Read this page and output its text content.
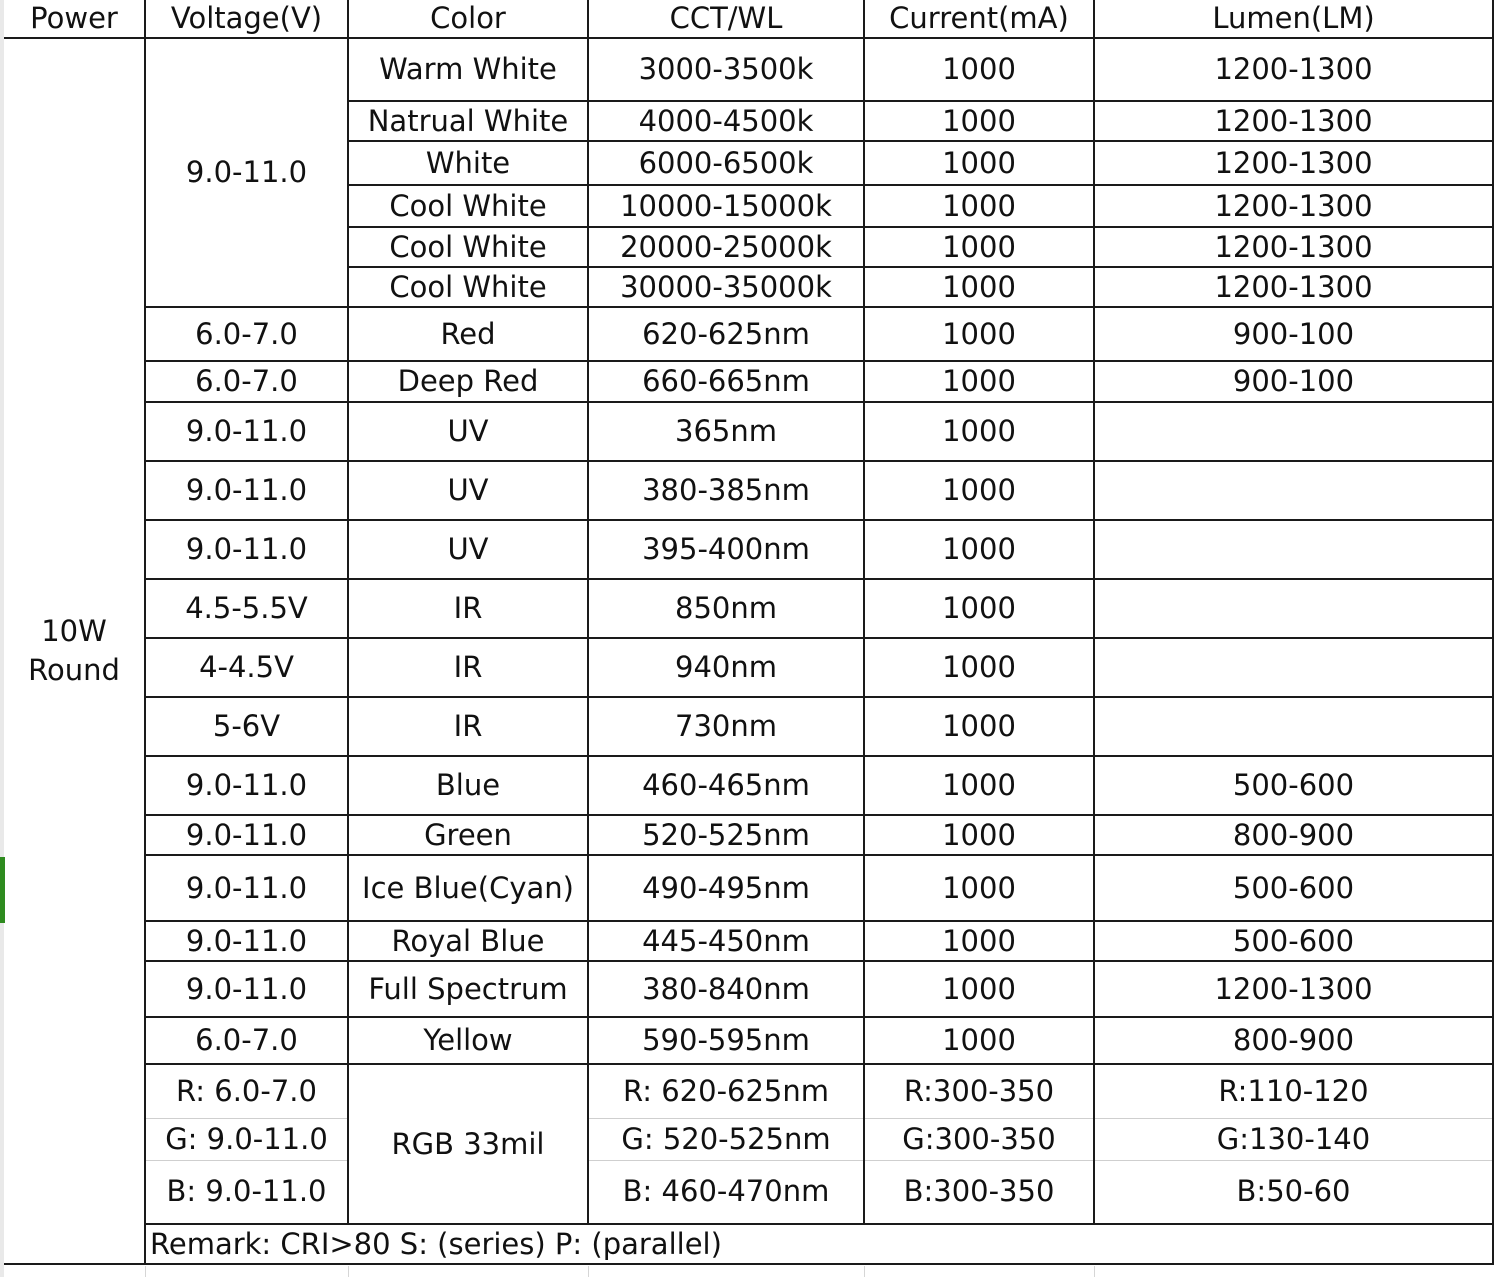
Power	Voltage(V)	Color	CCT/WL	Current(mA)	Lumen(LM)

10W
Round	9.0-11.0	Warm White	3000-3500k	1000	1200-1300
		Natrual White	4000-4500k	1000	1200-1300
		White	6000-6500k	1000	1200-1300
		Cool White	10000-15000k	1000	1200-1300
		Cool White	20000-25000k	1000	1200-1300
		Cool White	30000-35000k	1000	1200-1300
	6.0-7.0	Red	620-625nm	1000	900-100
	6.0-7.0	Deep Red	660-665nm	1000	900-100
	9.0-11.0	UV	365nm	1000	
	9.0-11.0	UV	380-385nm	1000	
	9.0-11.0	UV	395-400nm	1000	
	4.5-5.5V	IR	850nm	1000	
	4-4.5V	IR	940nm	1000	
	5-6V	IR	730nm	1000	
	9.0-11.0	Blue	460-465nm	1000	500-600
	9.0-11.0	Green	520-525nm	1000	800-900
	9.0-11.0	Ice Blue(Cyan)	490-495nm	1000	500-600
	9.0-11.0	Royal Blue	445-450nm	1000	500-600
	9.0-11.0	Full Spectrum	380-840nm	1000	1200-1300
	6.0-7.0	Yellow	590-595nm	1000	800-900
	R: 6.0-7.0	RGB 33mil	R: 620-625nm	R:300-350	R:110-120
	G: 9.0-11.0		G: 520-525nm	G:300-350	G:130-140
	B: 9.0-11.0		B: 460-470nm	B:300-350	B:50-60
	Remark: CRI>80 S: (series) P: (parallel)				
